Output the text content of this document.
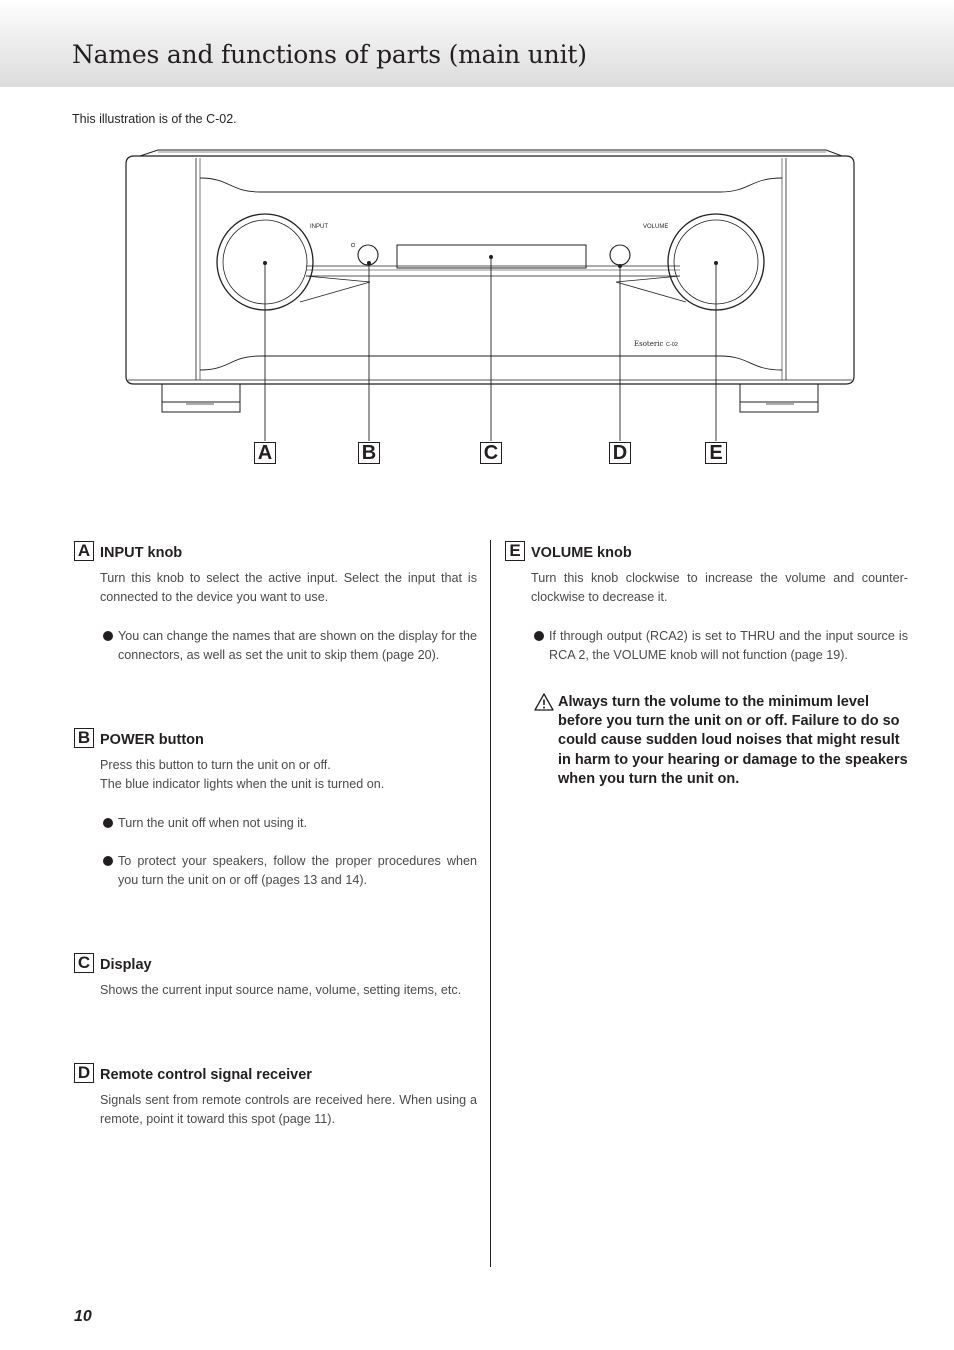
Names and functions of parts (main unit)
This illustration is of the C-02.
INPUT	VOLUME
Esoteric C-02
A	B	C	D	E
A INPUT knob

Turn this knob to select the active input. Select the input that is connected to the device you want to use.

You can change the names that are shown on the display for the connectors, as well as set the unit to skip them (page 20).

B POWER button

Press this button to turn the unit on or off.

The blue indicator lights when the unit is turned on.

Turn the unit off when not using it.

To protect your speakers, follow the proper procedures when you turn the unit on or off (pages 13 and 14).

C Display

Shows the current input source name, volume, setting items, etc.

D Remote control signal receiver

Signals sent from remote controls are received here. When using a remote, point it toward this spot (page 11).

E VOLUME knob

Turn this knob clockwise to increase the volume and counter-clockwise to decrease it.

If through output (RCA2) is set to THRU and the input source is RCA 2, the VOLUME knob will not function (page 19).

Always turn the volume to the minimum level before you turn the unit on or off. Failure to do so could cause sudden loud noises that might result in harm to your hearing or damage to the speakers when you turn the unit on.

10
